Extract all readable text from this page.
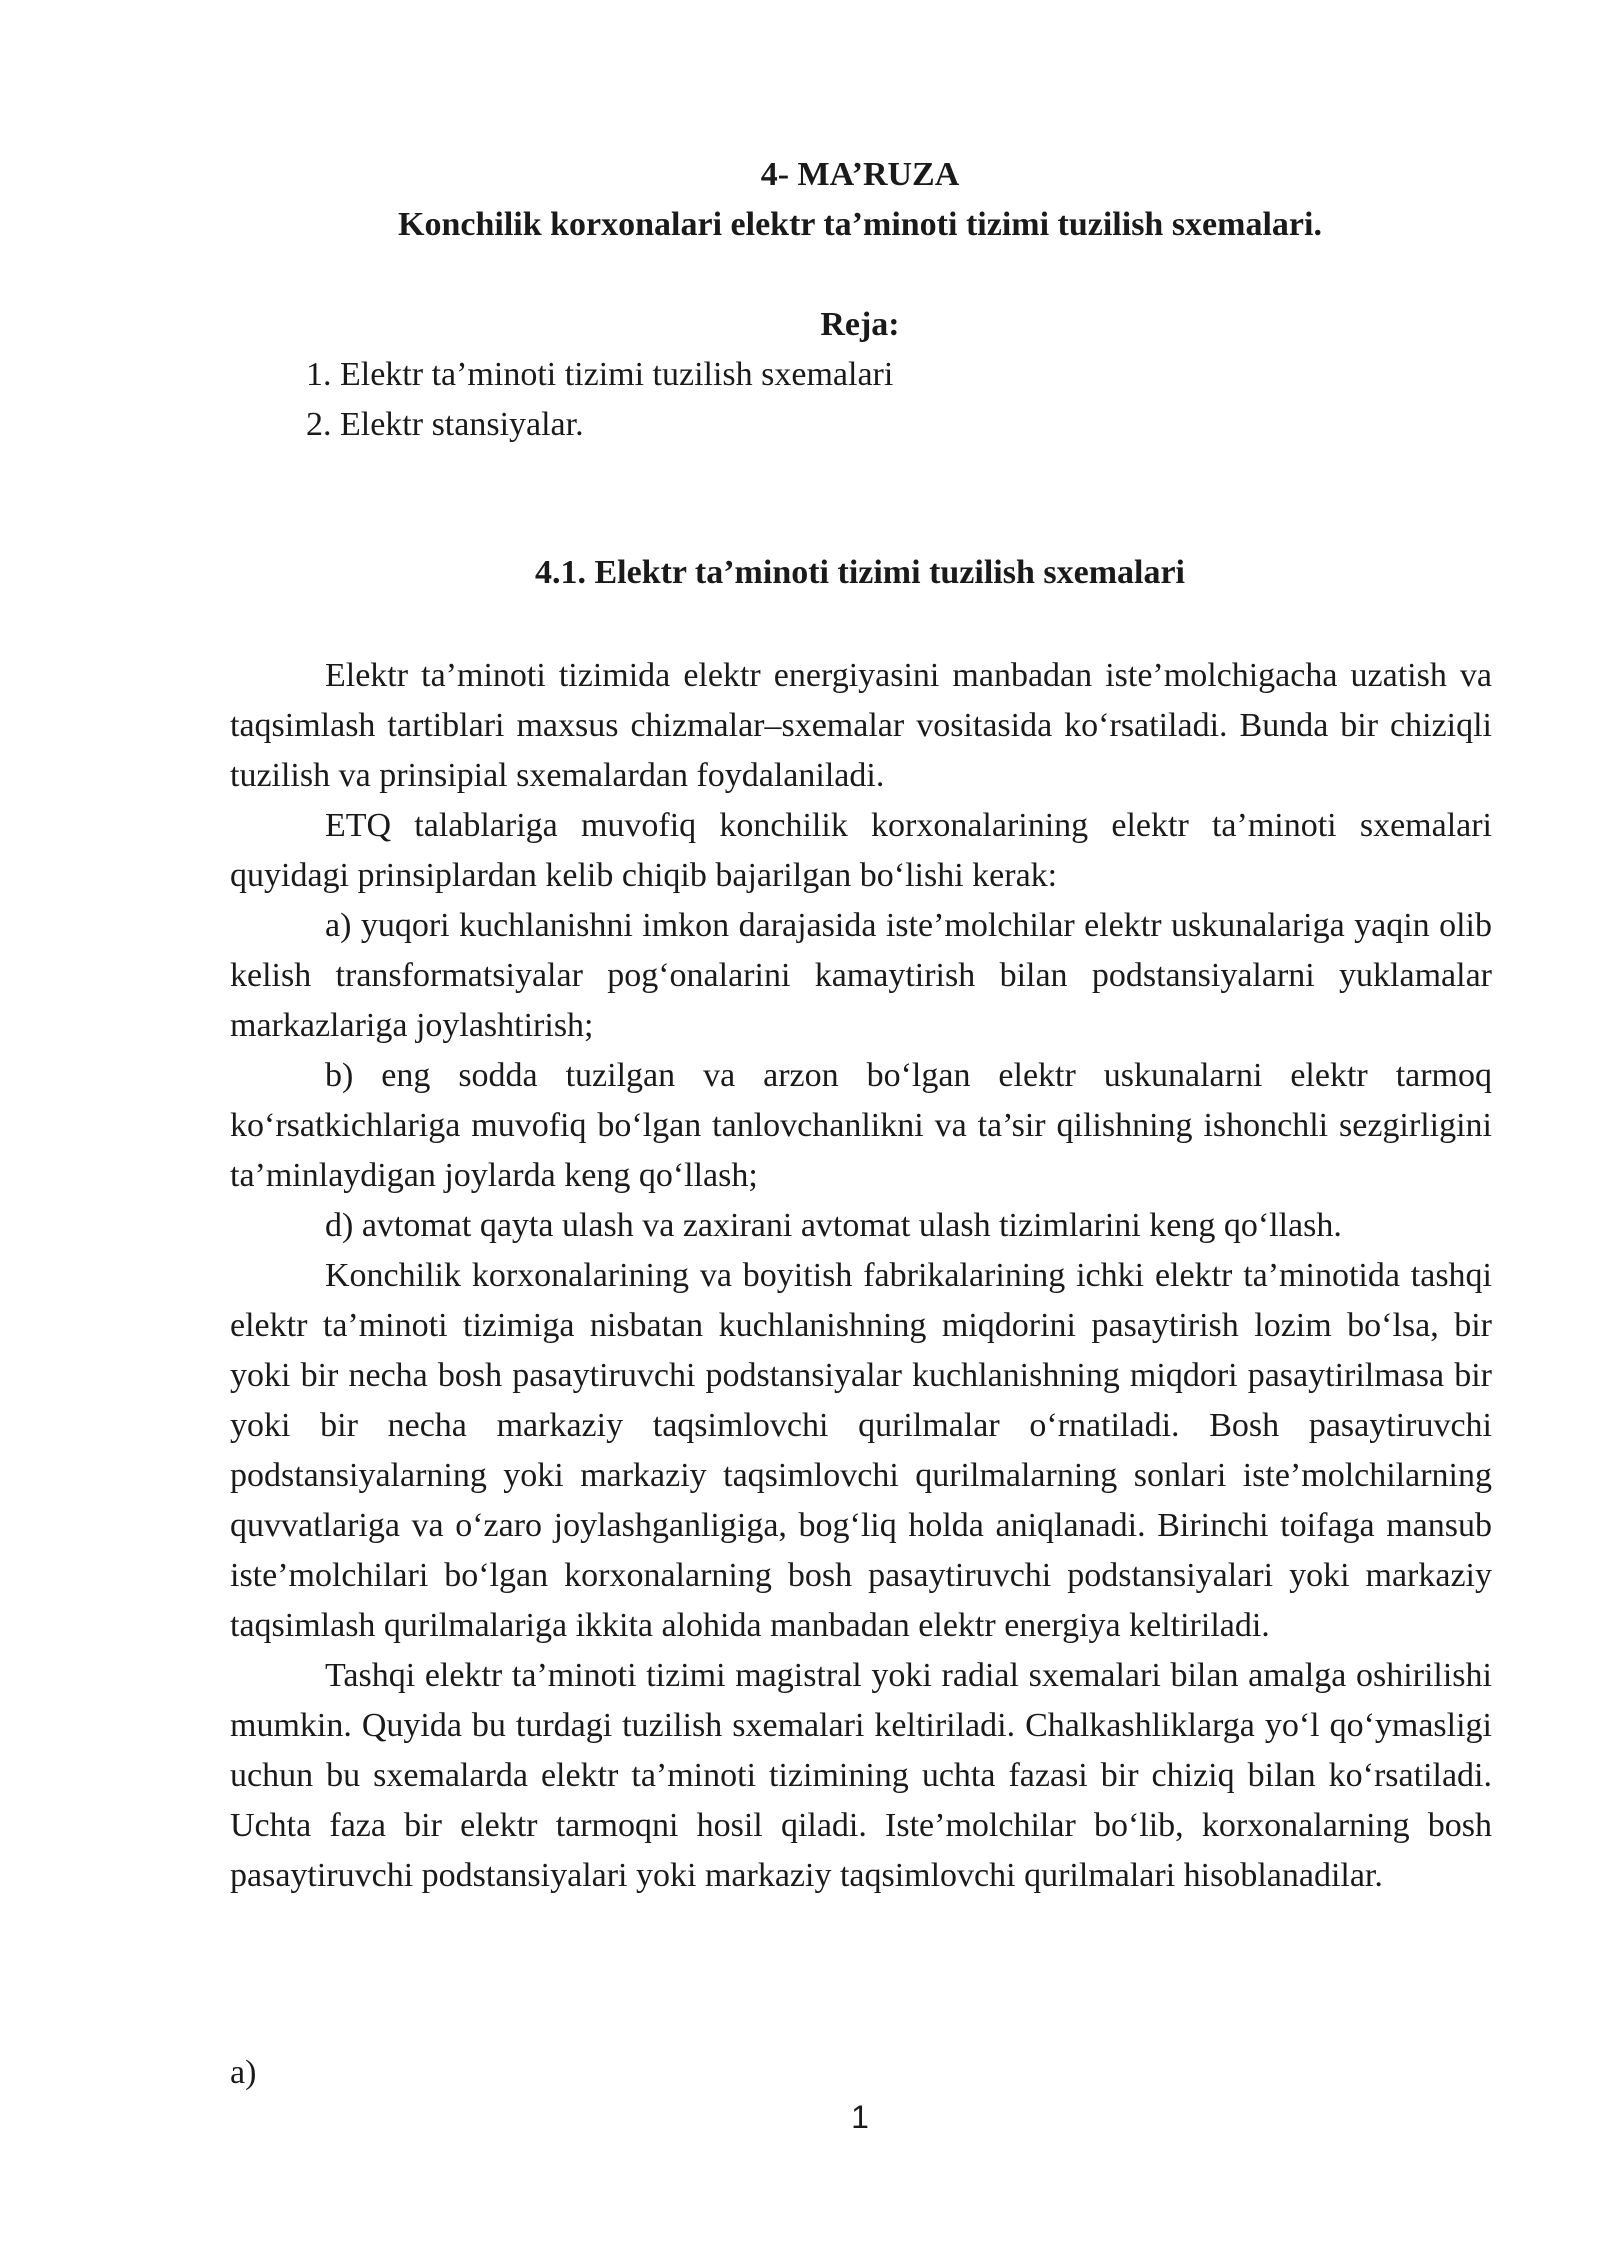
4- MA’RUZA
Konchilik korxonalari elektr ta’minoti tizimi tuzilish sxemalari.
Reja:
1. Elektr ta’minoti tizimi tuzilish sxemalari
2. Elektr stansiyalar.
4.1. Elektr ta’minoti tizimi tuzilish sxemalari

Elektr ta’minoti tizimida elektr energiyasini manbadan iste’molchigacha uzatish va taqsimlash tartiblari maxsus chizmalar–sxemalar vositasida ko‘rsatiladi. Bunda bir chiziqli tuzilish va prinsipial sxemalardan foydalaniladi.

ETQ talablariga muvofiq konchilik korxonalarining elektr ta’minoti sxemalari quyidagi prinsiplardan kelib chiqib bajarilgan bo‘lishi kerak:

a) yuqori kuchlanishni imkon darajasida iste’molchilar elektr uskunalariga yaqin olib kelish transformatsiyalar pog‘onalarini kamaytirish bilan podstansiyalarni yuklamalar markazlariga joylashtirish;

b) eng sodda tuzilgan va arzon bo‘lgan elektr uskunalarni elektr tarmoq ko‘rsatkichlariga muvofiq bo‘lgan tanlovchanlikni va ta’sir qilishning ishonchli sezgirligini ta’minlaydigan joylarda keng qo‘llash;

d) avtomat qayta ulash va zaxirani avtomat ulash tizimlarini keng qo‘llash.

Konchilik korxonalarining va boyitish fabrikalarining ichki elektr ta’minotida tashqi elektr ta’minoti tizimiga nisbatan kuchlanishning miqdorini pasaytirish lozim bo‘lsa, bir yoki bir necha bosh pasaytiruvchi podstansiyalar kuchlanishning miqdori pasaytirilmasa bir yoki bir necha markaziy taqsimlovchi qurilmalar o‘rnatiladi. Bosh pasaytiruvchi podstansiyalarning yoki markaziy taqsimlovchi qurilmalarning sonlari iste’molchilarning quvvatlariga va o‘zaro joylashganligiga, bog‘liq holda aniqlanadi. Birinchi toifaga mansub iste’molchilari bo‘lgan korxonalarning bosh pasaytiruvchi podstansiyalari yoki markaziy taqsimlash qurilmalariga ikkita alohida manbadan elektr energiya keltiriladi.

Tashqi elektr ta’minoti tizimi magistral yoki radial sxemalari bilan amalga oshirilishi mumkin. Quyida bu turdagi tuzilish sxemalari keltiriladi. Chalkashliklarga yo‘l qo‘ymasligi uchun bu sxemalarda elektr ta’minoti tizimining uchta fazasi bir chiziq bilan ko‘rsatiladi. Uchta faza bir elektr tarmoqni hosil qiladi. Iste’molchilar bo‘lib, korxonalarning bosh pasaytiruvchi podstansiyalari yoki markaziy taqsimlovchi qurilmalari hisoblanadilar.

a)
1
